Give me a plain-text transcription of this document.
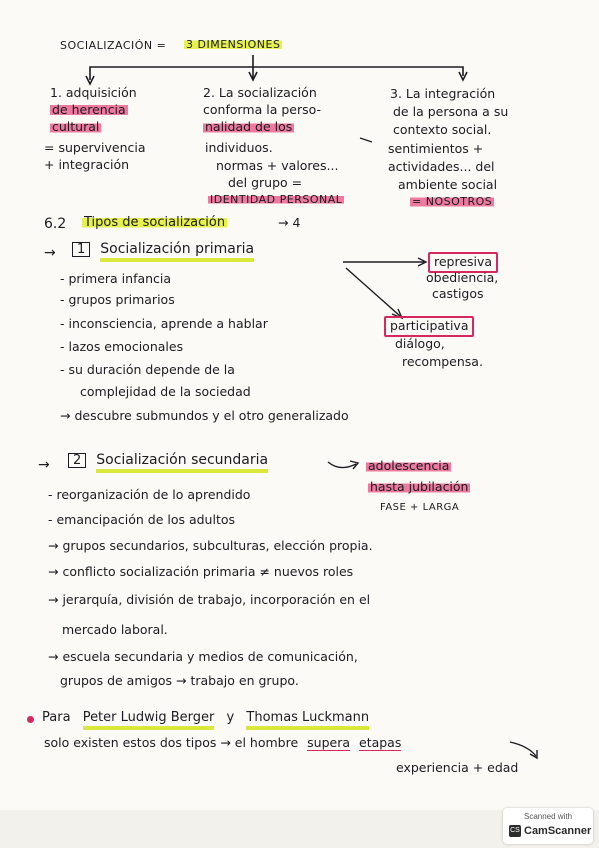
SOCIALIZACIÓN = 3 DIMENSIONES
1. adquisición
de herencia
cultural
= supervivencia
+ integración
2. La socialización
conforma la perso-
nalidad de los
individuos.
normas + valores...
del grupo =
IDENTIDAD PERSONAL
3. La integración
de la persona a su
contexto social.
sentimientos +
actividades... del
ambiente social
= NOSOTROS
6.2 Tipos de socialización	→ 4
→	1 Socialización primaria
- primera infancia
- grupos primarios
- inconsciencia, aprende a hablar
- lazos emocionales
- su duración depende de la
complejidad de la sociedad
→ descubre submundos y el otro generalizado
represiva
obediencia,
castigos
participativa
diálogo,
recompensa.
→	2 Socialización secundaria	adolescencia
hasta jubilación
FASE + LARGA
- reorganización de lo aprendido
- emancipación de los adultos
→ grupos secundarios, subculturas, elección propia.
→ conflicto socialización primaria ≠ nuevos roles
→ jerarquía, división de trabajo, incorporación en el
mercado laboral.
→ escuela secundaria y medios de comunicación,
grupos de amigos → trabajo en grupo.
Para Peter Ludwig Berger y Thomas Luckmann
solo existen estos dos tipos → el hombre supera etapas
experiencia + edad
Scanned with
CS CamScanner
